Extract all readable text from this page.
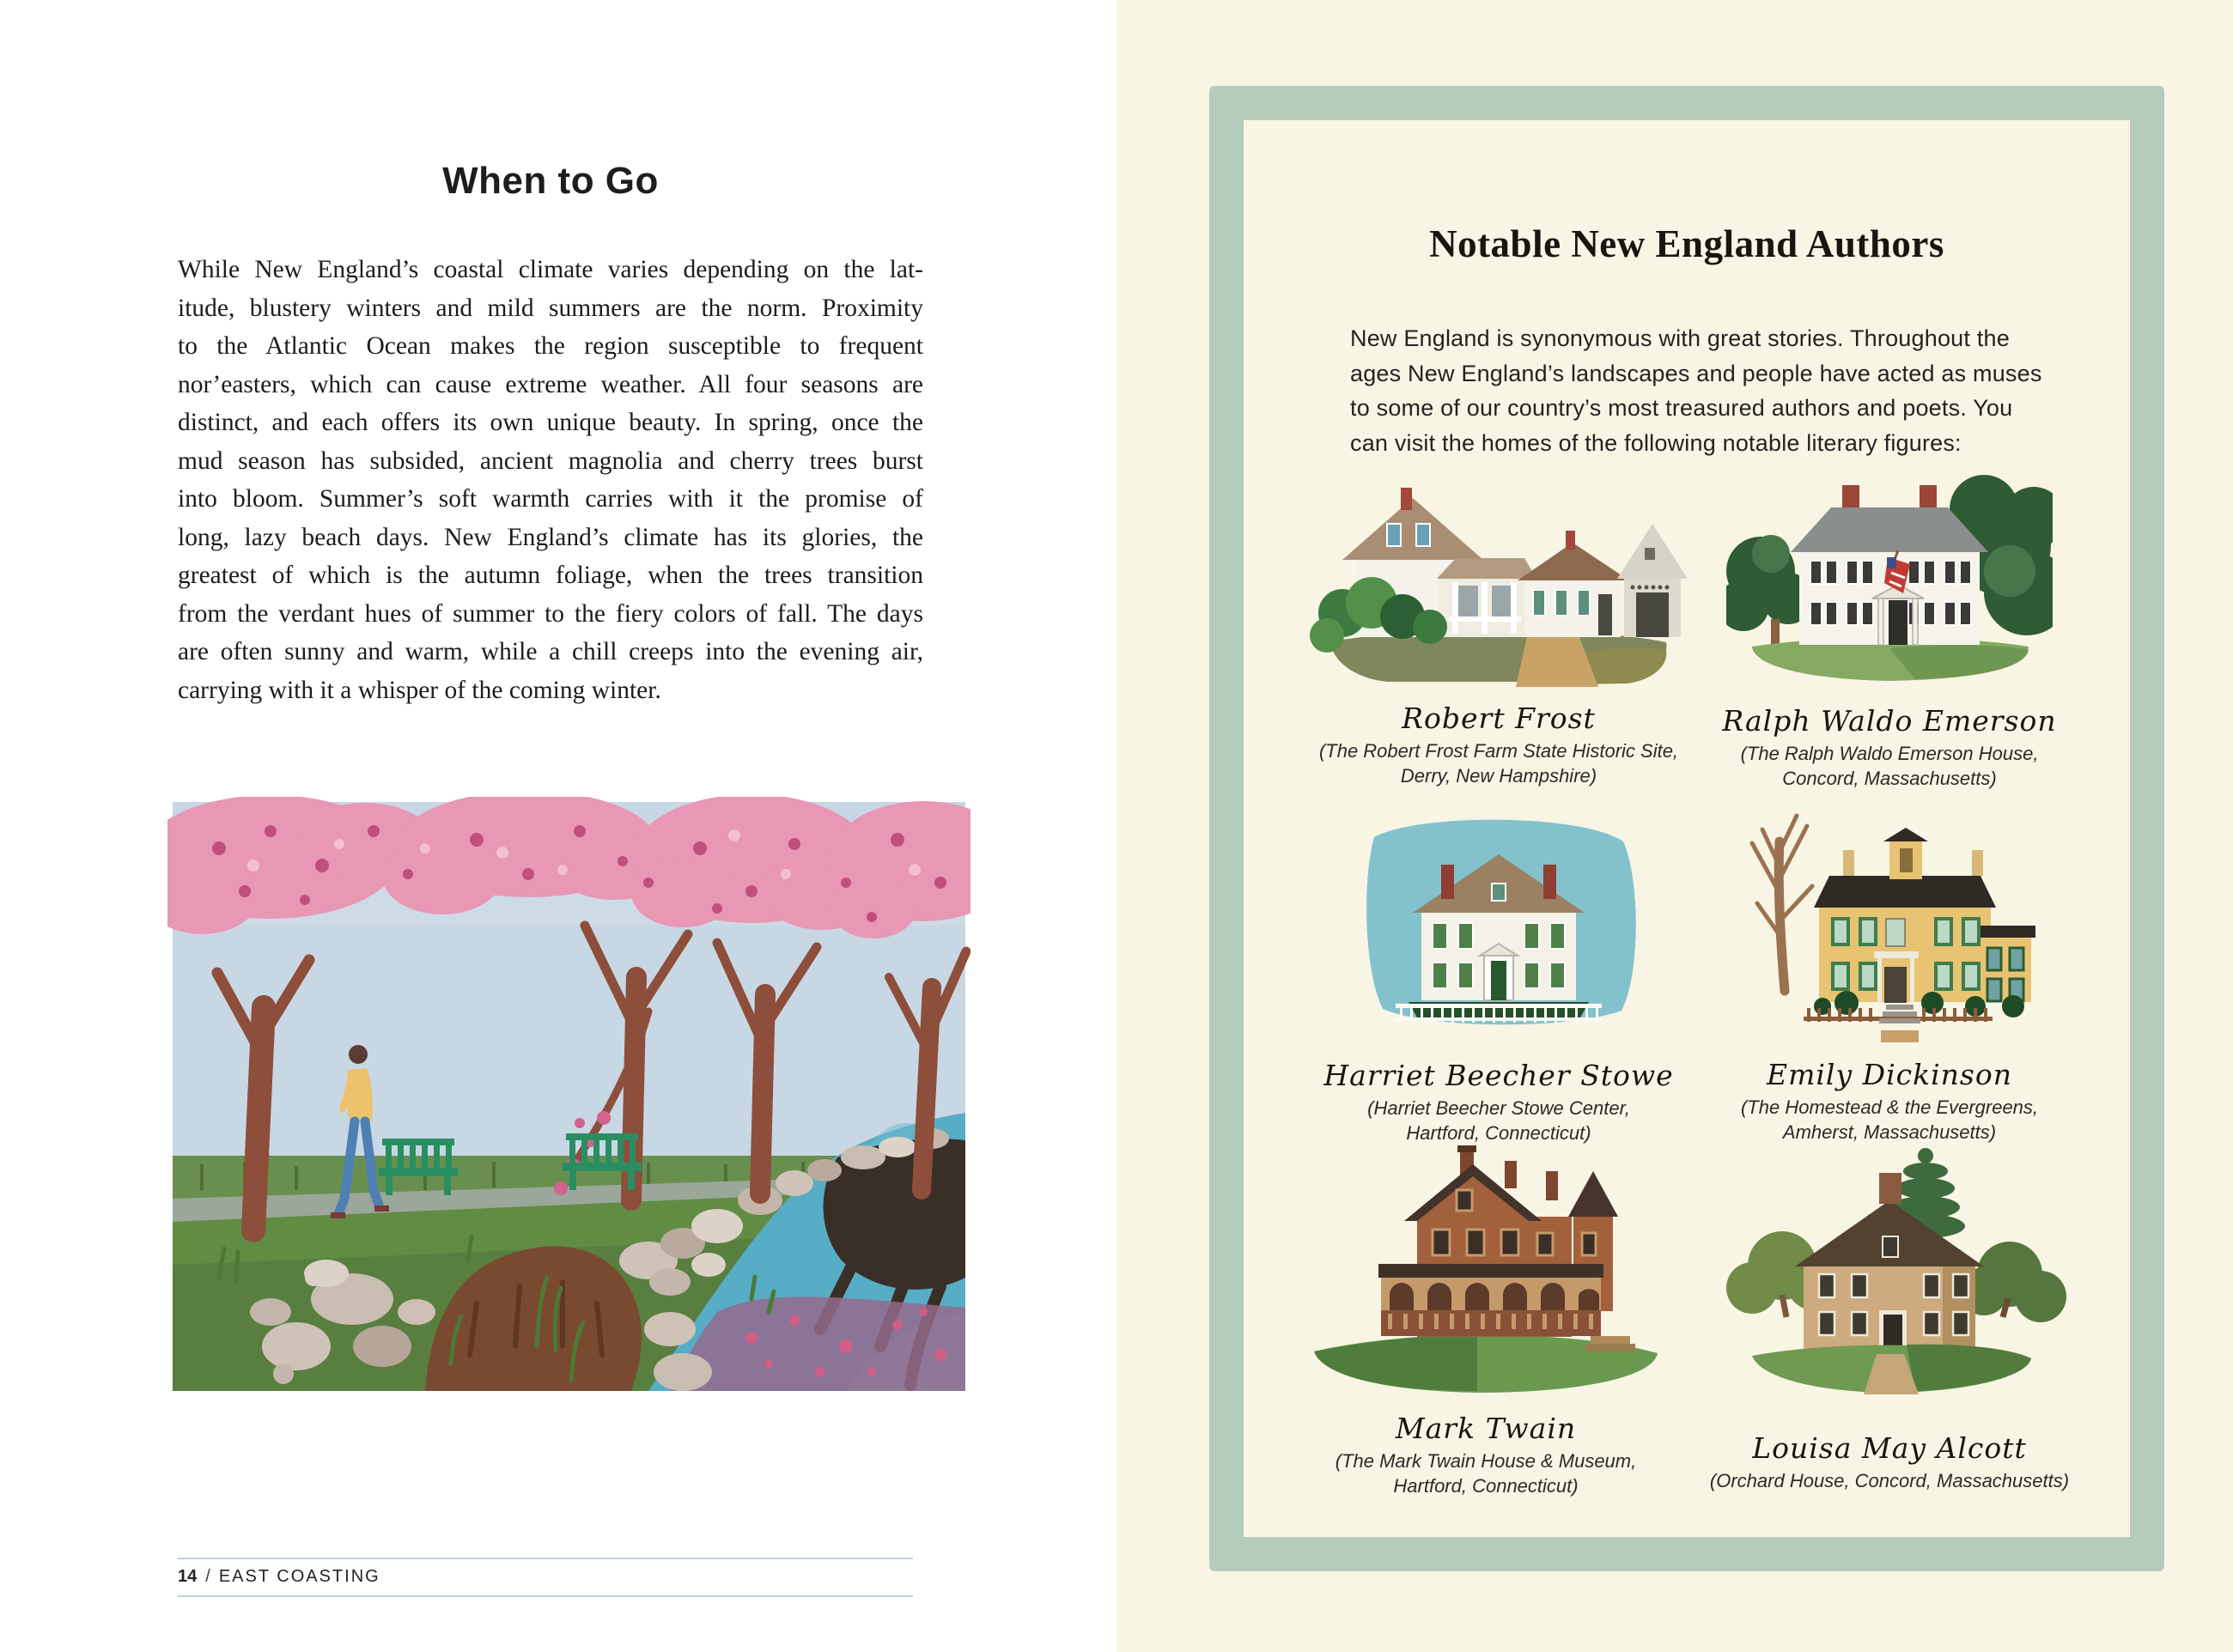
When to Go
While New England’s coastal climate varies depending on the lat-
itude, blustery winters and mild summers are the norm. Proximity
to the Atlantic Ocean makes the region susceptible to frequent
nor’easters, which can cause extreme weather. All four seasons are
distinct, and each offers its own unique beauty. In spring, once the
mud season has subsided, ancient magnolia and cherry trees burst
into bloom. Summer’s soft warmth carries with it the promise of
long, lazy beach days. New England’s climate has its glories, the
greatest of which is the autumn foliage, when the trees transition
from the verdant hues of summer to the fiery colors of fall. The days
are often sunny and warm, while a chill creeps into the evening air,
carrying with it a whisper of the coming winter.
14 / EAST COASTING
Notable New England Authors
New England is synonymous with great stories. Throughout the
ages New England’s landscapes and people have acted as muses
to some of our country’s most treasured authors and poets. You
can visit the homes of the following notable literary figures:
Robert Frost
(The Robert Frost Farm State Historic Site,
Derry, New Hampshire)
Ralph Waldo Emerson
(The Ralph Waldo Emerson House,
Concord, Massachusetts)
Harriet Beecher Stowe
(Harriet Beecher Stowe Center,
Hartford, Connecticut)
Emily Dickinson
(The Homestead & the Evergreens,
Amherst, Massachusetts)
Mark Twain
(The Mark Twain House & Museum,
Hartford, Connecticut)
Louisa May Alcott
(Orchard House, Concord, Massachusetts)
